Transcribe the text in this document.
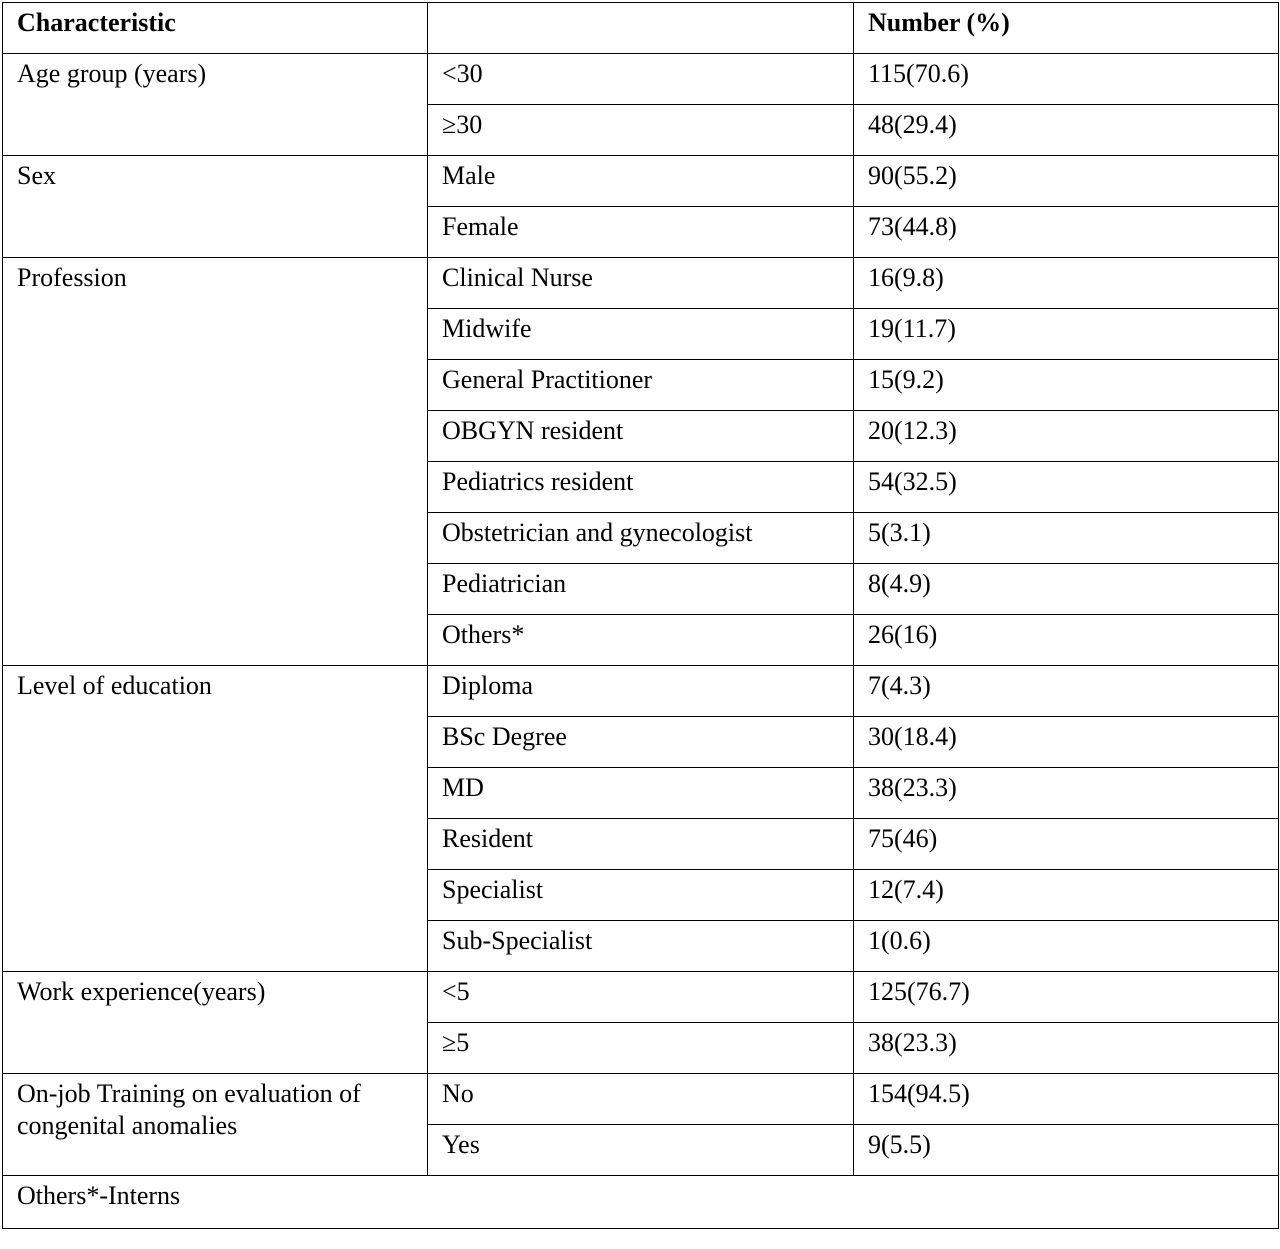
Characteristic		Number (%)

Age group (years)	<30	115(70.6)

	≥30	48(29.4)

Sex	Male	90(55.2)

	Female	73(44.8)

Profession	Clinical Nurse	16(9.8)

	Midwife	19(11.7)

	General Practitioner	15(9.2)

	OBGYN resident	20(12.3)

	Pediatrics resident	54(32.5)

	Obstetrician and gynecologist	5(3.1)

	Pediatrician	8(4.9)

	Others*	26(16)

Level of education	Diploma	7(4.3)

	BSc Degree	30(18.4)

	MD	38(23.3)

	Resident	75(46)

	Specialist	12(7.4)

	Sub-Specialist	1(0.6)

Work experience(years)	<5	125(76.7)

	≥5	38(23.3)

On-job Training on evaluation of congenital anomalies	No	154(94.5)

	Yes	9(5.5)

Others*-Interns		
